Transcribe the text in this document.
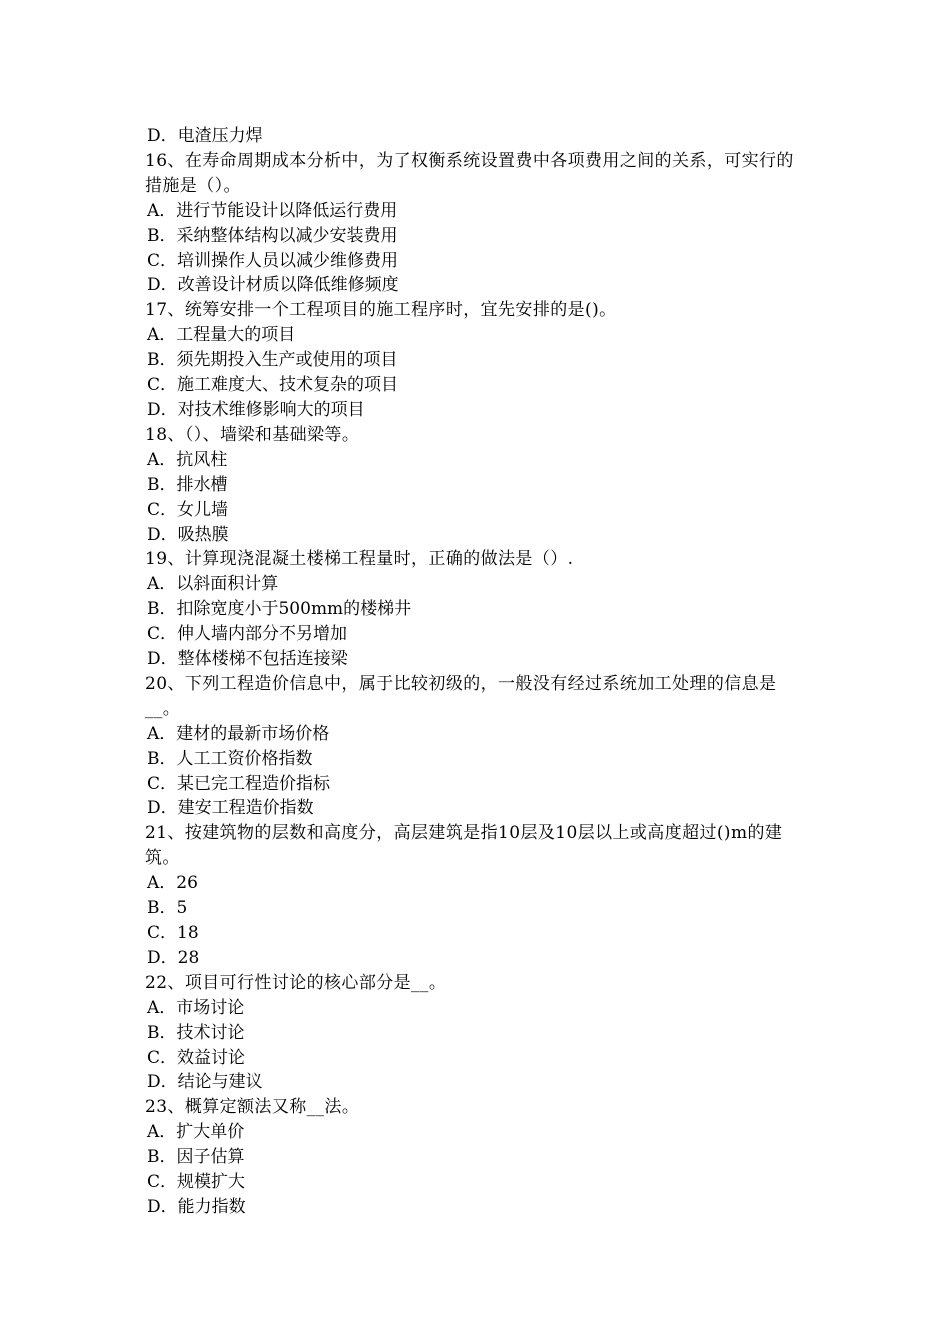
D．电渣压力焊
16、在寿命周期成本分析中，为了权衡系统设置费中各项费用之间的关系，可实行的措施是（）。
A．进行节能设计以降低运行费用
B．采纳整体结构以减少安装费用
C．培训操作人员以减少维修费用
D．改善设计材质以降低维修频度
17、统筹安排一个工程项目的施工程序时，宜先安排的是()。
A．工程量大的项目
B．须先期投入生产或使用的项目
C．施工难度大、技术复杂的项目
D．对技术维修影响大的项目
18、（）、墙梁和基础梁等。
A．抗风柱
B．排水槽
C．女儿墙
D．吸热膜
19、计算现浇混凝土楼梯工程量时，正确的做法是（）.
A．以斜面积计算
B．扣除宽度小于500mm的楼梯井
C．伸人墙内部分不另增加
D．整体楼梯不包括连接梁
20、下列工程造价信息中，属于比较初级的，一般没有经过系统加工处理的信息是__。
A．建材的最新市场价格
B．人工工资价格指数
C．某已完工程造价指标
D．建安工程造价指数
21、按建筑物的层数和高度分，高层建筑是指10层及10层以上或高度超过()m的建筑。
A．26
B．5
C．18
D．28
22、项目可行性讨论的核心部分是__。
A．市场讨论
B．技术讨论
C．效益讨论
D．结论与建议
23、概算定额法又称__法。
A．扩大单价
B．因子估算
C．规模扩大
D．能力指数
